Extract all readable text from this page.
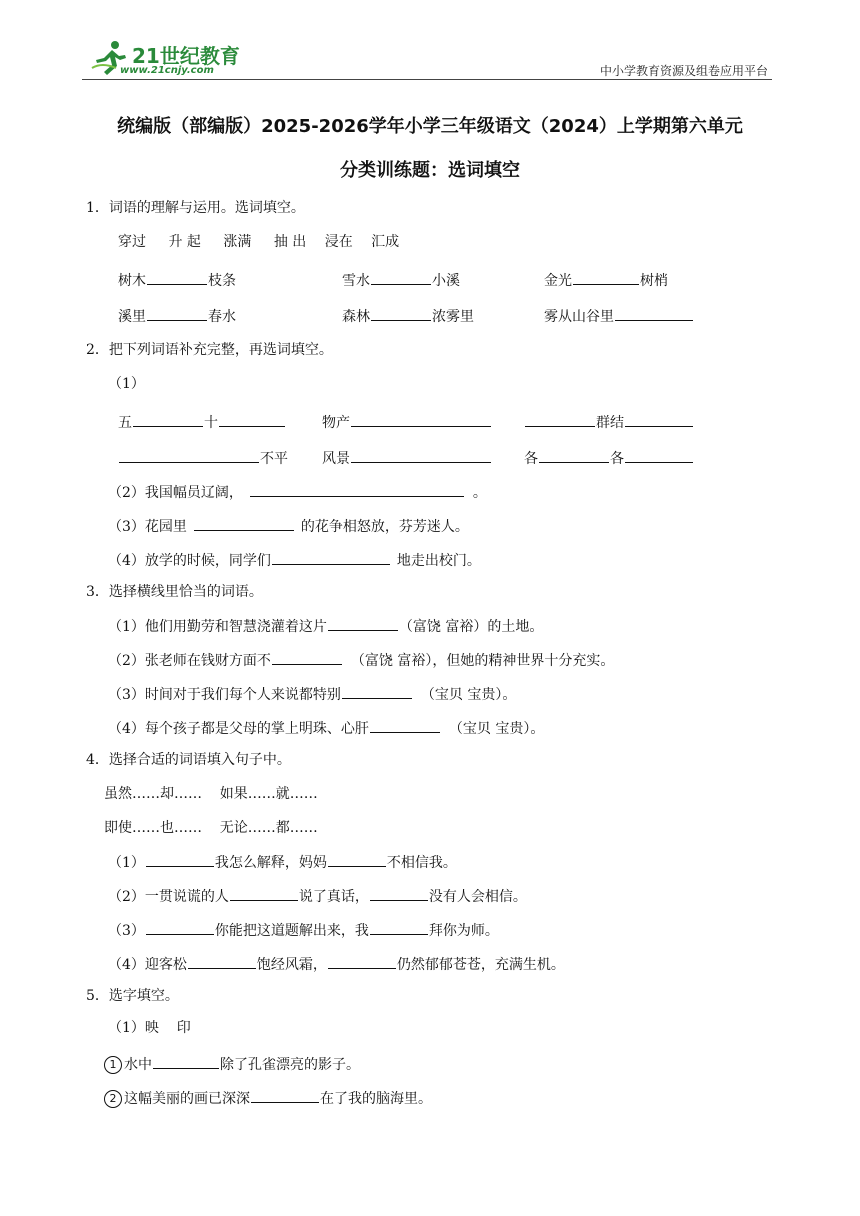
21世纪教育
www.21cnjy.com	中小学教育资源及组卷应用平台
统编版（部编版）2025-2026学年小学三年级语文（2024）上学期第六单元
分类训练题：选词填空
1．词语的理解与运用。选词填空。
穿过 升 起 涨满 抽 出 浸在 汇成
树木	枝条	雪水	小溪	金光	树梢
溪里	春水	森林	浓雾里	雾从山谷里
2．把下列词语补充完整，再选词填空。
（1）
五	十	物产	群结
不平 风景	各	各
（2）我国幅员辽阔，	。
（3）花园里	的花争相怒放，芬芳迷人。
（4）放学的时候，同学们	地走出校门。
3．选择横线里恰当的词语。
（1）他们用勤劳和智慧浇灌着这片	（富饶 富裕）的土地。
（2）张老师在钱财方面不	（富饶 富裕），但她的精神世界十分充实。
（3）时间对于我们每个人来说都特别	（宝贝 宝贵）。
（4）每个孩子都是父母的掌上明珠、心肝	（宝贝 宝贵）。
4．选择合适的词语填入句子中。
虽然……却……    如果……就……
即使……也……    无论……都……
（1）	我怎么解释，妈妈	不相信我。
（2）一贯说谎的人	说了真话，	没有人会相信。
（3）	你能把这道题解出来，我	拜你为师。
（4）迎客松	饱经风霜，	仍然郁郁苍苍，充满生机。
5．选字填空。
（1）映    印
1 水中	除了孔雀漂亮的影子。
2 这幅美丽的画已深深	在了我的脑海里。
